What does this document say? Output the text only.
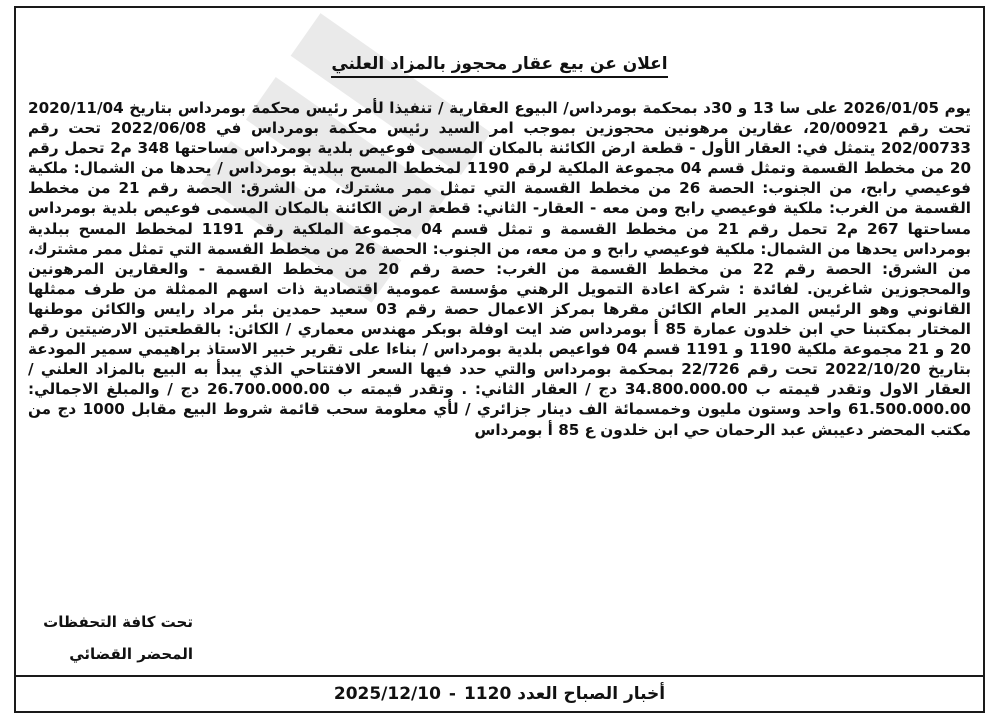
اعلان عن بيع عقار محجوز بالمزاد العلني

يوم 2026/01/05 على سا 13 و 30د بمحكمة بومرداس/ البيوع العقارية / تنفيذا لأمر رئيس محكمة بومرداس بتاريخ 2020/11/04 تحت رقم 20/00921، عقارين مرهونين محجوزين بموجب امر السيد رئيس محكمة بومرداس في 2022/06/08 تحت رقم 202/00733 يتمثل في: العقار الأول - قطعة ارض الكائنة بالمكان المسمى فوعيص بلدية بومرداس مساحتها 348 م2 تحمل رقم 20 من مخطط القسمة وتمثل قسم 04 مجموعة الملكية لرقم 1190 لمخطط المسح ببلدية بومرداس / يحدها من الشمال: ملكية فوعيصي رابح، من الجنوب: الحصة 26 من مخطط القسمة التي تمثل ممر مشترك، من الشرق: الحصة رقم 21 من مخطط القسمة من الغرب: ملكية فوعيصي رابح ومن معه - العقار- الثاني: قطعة ارض الكائنة بالمكان المسمى فوعيص بلدية بومرداس مساحتها 267 م2 تحمل رقم 21 من مخطط القسمة و تمثل قسم 04 مجموعة الملكية رقم 1191 لمخطط المسح ببلدية بومرداس يحدها من الشمال: ملكية فوعيصي رابح و من معه، من الجنوب: الحصة 26 من مخطط القسمة التي تمثل ممر مشترك، من الشرق: الحصة رقم 22 من مخطط القسمة من الغرب: حصة رقم 20 من مخطط القسمة - والعقارين المرهونين والمحجوزين شاغرين. لفائدة : شركة اعادة التمويل الرهني مؤسسة عمومية اقتصادية ذات اسهم الممثلة من طرف ممثلها القانوني وهو الرئيس المدير العام الكائن مقرها بمركز الاعمال حصة رقم 03 سعيد حمدين بئر مراد رايس والكائن موطنها المختار بمكتبنا حي ابن خلدون عمارة 85 أ بومرداس ضد ايت اوفلة بوبكر مهندس معماري / الكائن: بالقطعتين الارضيتين رقم 20 و 21 مجموعة ملكية 1190 و 1191 قسم 04 فواعيص بلدية بومرداس / بناءا على تقرير خبير الاستاذ براهيمي سمير المودعة بتاريخ 2022/10/20 تحت رقم 22/726 بمحكمة بومرداس والتي حدد فيها السعر الافتتاحي الذي يبدأ به البيع بالمزاد العلني / العقار الاول وتقدر قيمته ب 34.800.000.00 دج / العقار الثاني: . وتقدر قيمته ب 26.700.000.00 دج / والمبلغ الاجمالي: 61.500.000.00 واحد وستون مليون وخمسمائة الف دينار جزائري / لأي معلومة سحب قائمة شروط البيع مقابل 1000 دج من مكتب المحضر دعيبش عبد الرحمان حي ابن خلدون ع 85 أ بومرداس

تحت كافة التحفظات
المحضر القضائي
أخبار الصباح العدد 1120
-
2025/12/10
